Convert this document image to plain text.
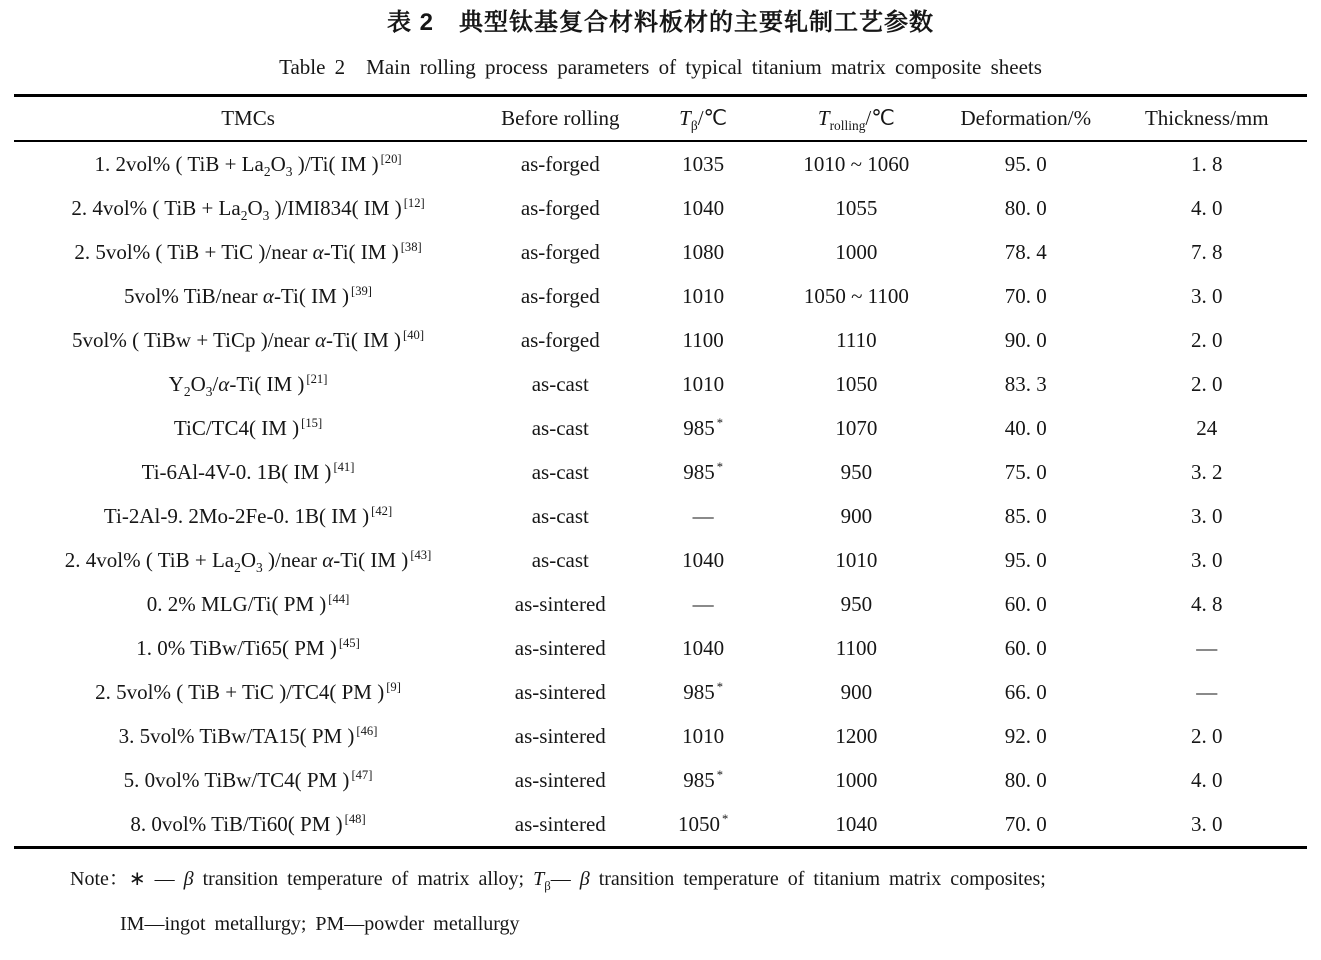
表 2　典型钛基复合材料板材的主要轧制工艺参数
Table 2  Main rolling process parameters of typical titanium matrix composite sheets
TMCs	Before rolling	$T_\beta/℃$	$T_{rolling}/℃$	Deformation/%	Thickness/mm
1. 2vol% ( TiB + $La_2O_3$ )/Ti( IM ) [20]	as-forged	1035	1010 ~ 1060	95. 0	1. 8
2. 4vol% ( TiB + $La_2O_3$ )/IMI834( IM ) [12]	as-forged	1040	1055	80. 0	4. 0
2. 5vol% ( TiB + TiC )/near α-Ti( IM ) [38]	as-forged	1080	1000	78. 4	7. 8
5vol% TiB/near α-Ti( IM ) [39]	as-forged	1010	1050 ~ 1100	70. 0	3. 0
5vol% ( TiBw + TiCp )/near α-Ti( IM ) [40]	as-forged	1100	1110	90. 0	2. 0
$Y_2O_3/\alpha-Ti$( IM ) [21]	as-cast	1010	1050	83. 3	2. 0
TiC/TC4( IM ) [15]	as-cast	985 *	1070	40. 0	24
Ti-6Al-4V-0. 1B( IM ) [41]	as-cast	985 *	950	75. 0	3. 2
Ti-2Al-9. 2Mo-2Fe-0. 1B( IM ) [42]	as-cast	—	900	85. 0	3. 0
2. 4vol% ( TiB + $La_2O_3$ )/near α-Ti( IM ) [43]	as-cast	1040	1010	95. 0	3. 0
0. 2% MLG/Ti( PM ) [44]	as-sintered	—	950	60. 0	4. 8
1. 0% TiBw/Ti65( PM ) [45]	as-sintered	1040	1100	60. 0	—
2. 5vol% ( TiB + TiC )/TC4( PM ) [9]	as-sintered	985 *	900	66. 0	—
3. 5vol% TiBw/TA15( PM ) [46]	as-sintered	1010	1200	92. 0	2. 0
5. 0vol% TiBw/TC4( PM ) [47]	as-sintered	985 *	1000	80. 0	4. 0
8. 0vol% TiB/Ti60( PM ) [48]	as-sintered	1050 *	1040	70. 0	3. 0
Note：∗ — β transition temperature of matrix alloy; $T_\beta—$ β transition temperature of titanium matrix composites;
IM—ingot metallurgy; PM—powder metallurgy
